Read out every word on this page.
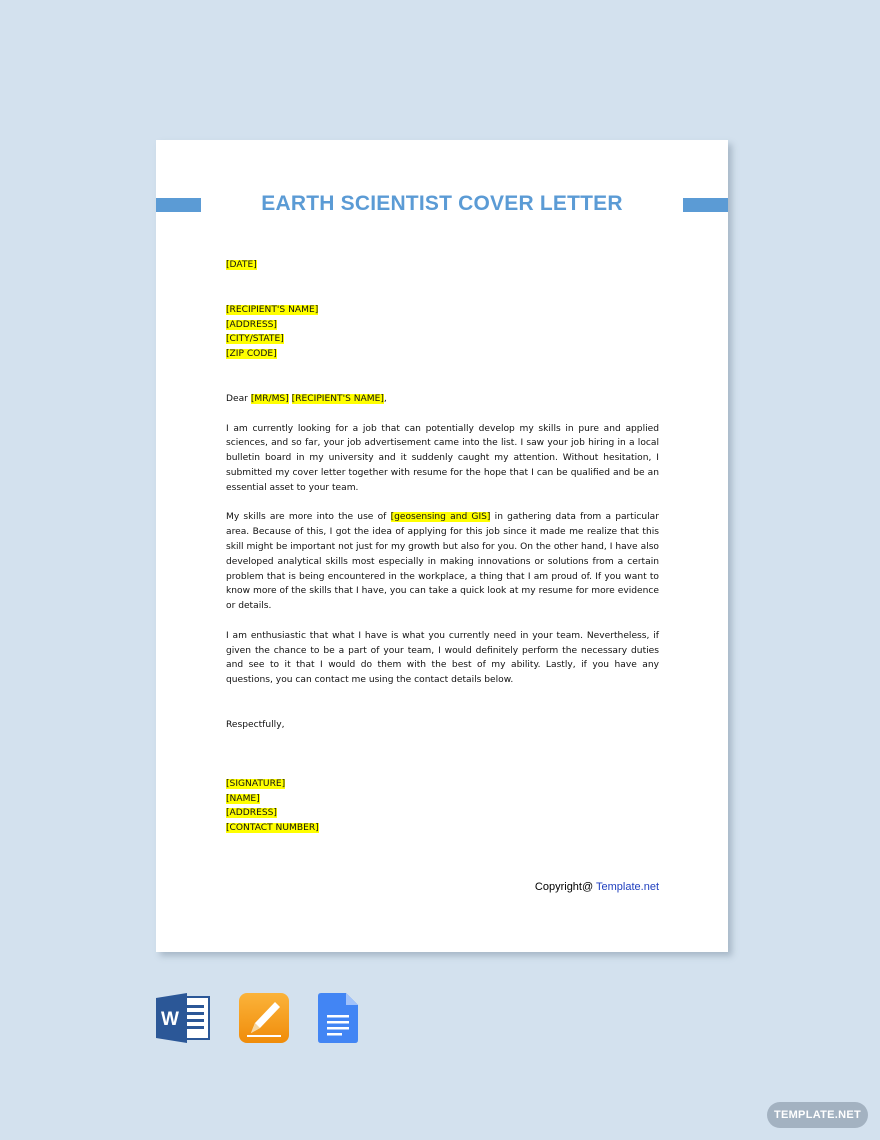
EARTH SCIENTIST COVER LETTER
[DATE]
[RECIPIENT'S NAME]
[ADDRESS]
[CITY/STATE]
[ZIP CODE]
Dear [MR/MS] [RECIPIENT'S NAME],

I am currently looking for a job that can potentially develop my skills in pure and applied sciences, and so far, your job advertisement came into the list. I saw your job hiring in a local bulletin board in my university and it suddenly caught my attention. Without hesitation, I submitted my cover letter together with resume for the hope that I can be qualified and be an essential asset to your team.

My skills are more into the use of [geosensing and GIS] in gathering data from a particular area. Because of this, I got the idea of applying for this job since it made me realize that this skill might be important not just for my growth but also for you. On the other hand, I have also developed analytical skills most especially in making innovations or solutions from a certain problem that is being encountered in the workplace, a thing that I am proud of. If you want to know more of the skills that I have, you can take a quick look at my resume for more evidence or details.

I am enthusiastic that what I have is what you currently need in your team. Nevertheless, if given the chance to be a part of your team, I would definitely perform the necessary duties and see to it that I would do them with the best of my ability. Lastly, if you have any questions, you can contact me using the contact details below.

Respectfully,
[SIGNATURE]
[NAME]
[ADDRESS]
[CONTACT NUMBER]
Copyright@ Template.net
W
TEMPLATE.NET
